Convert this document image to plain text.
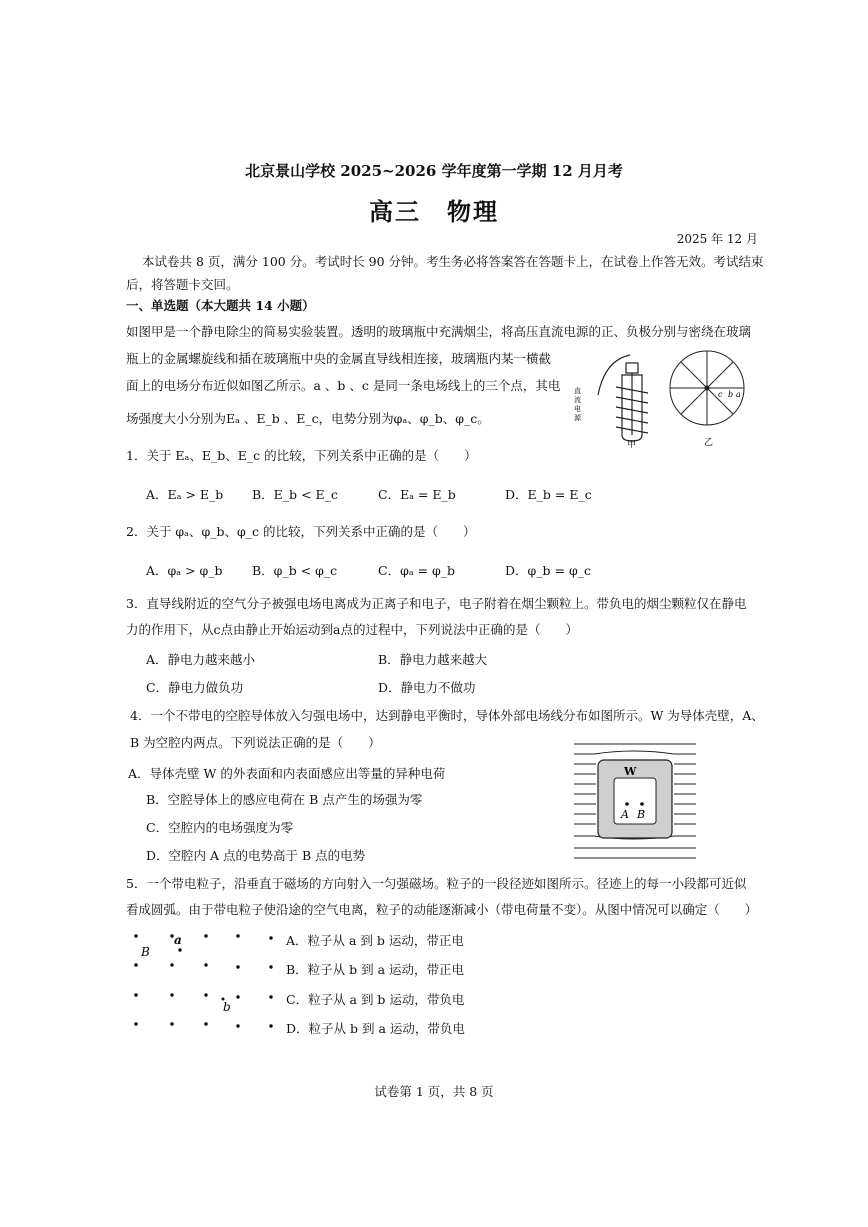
北京景山学校 2025~2026 学年度第一学期 12 月月考
高三　物理
2025 年 12 月
本试卷共 8 页，满分 100 分。考试时长 90 分钟。考生务必将答案答在答题卡上，在试卷上作答无效。考试结束
后，将答题卡交回。
一、单选题（本大题共 14 小题）
如图甲是一个静电除尘的简易实验装置。透明的玻璃瓶中充满烟尘，将高压直流电源的正、负极分别与密绕在玻璃
瓶上的金属螺旋线和插在玻璃瓶中央的金属直导线相连接，玻璃瓶内某一横截
面上的电场分布近似如图乙所示。a 、b 、c 是同一条电场线上的三个点，其电
场强度大小分别为Eₐ 、E_b 、E_c，电势分别为φₐ、φ_b、φ_c。
直
流
电
源
甲
c b a
乙
1．关于 Eₐ、E_b、E_c 的比较，下列关系中正确的是（　　）
A．Eₐ > E_b B．E_b < E_c	C．Eₐ = E_b	D．E_b = E_c
2．关于 φₐ、φ_b、φ_c 的比较，下列关系中正确的是（　　）
A．φₐ > φ_b B．φ_b < φ_c	C．φₐ = φ_b	D．φ_b = φ_c
3．直导线附近的空气分子被强电场电离成为正离子和电子，电子附着在烟尘颗粒上。带负电的烟尘颗粒仅在静电
力的作用下，从c点由静止开始运动到a点的过程中，下列说法中正确的是（　　）
A．静电力越来越小	B．静电力越来越大
C．静电力做负功	D．静电力不做功
4．一个不带电的空腔导体放入匀强电场中，达到静电平衡时，导体外部电场线分布如图所示。W 为导体壳壁，A、
B 为空腔内两点。下列说法正确的是（　　）
A．导体壳壁 W 的外表面和内表面感应出等量的异种电荷
B．空腔导体上的感应电荷在 B 点产生的场强为零
C．空腔内的电场强度为零
D．空腔内 A 点的电势高于 B 点的电势
W
A B
5．一个带电粒子，沿垂直于磁场的方向射入一匀强磁场。粒子的一段径迹如图所示。径迹上的每一小段都可近似
看成圆弧。由于带电粒子使沿途的空气电离，粒子的动能逐渐减小（带电荷量不变）。从图中情况可以确定（　　）
B
a
b
A．粒子从 a 到 b 运动，带正电
B．粒子从 b 到 a 运动，带正电
C．粒子从 a 到 b 运动，带负电
D．粒子从 b 到 a 运动，带负电
试卷第 1 页，共 8 页
